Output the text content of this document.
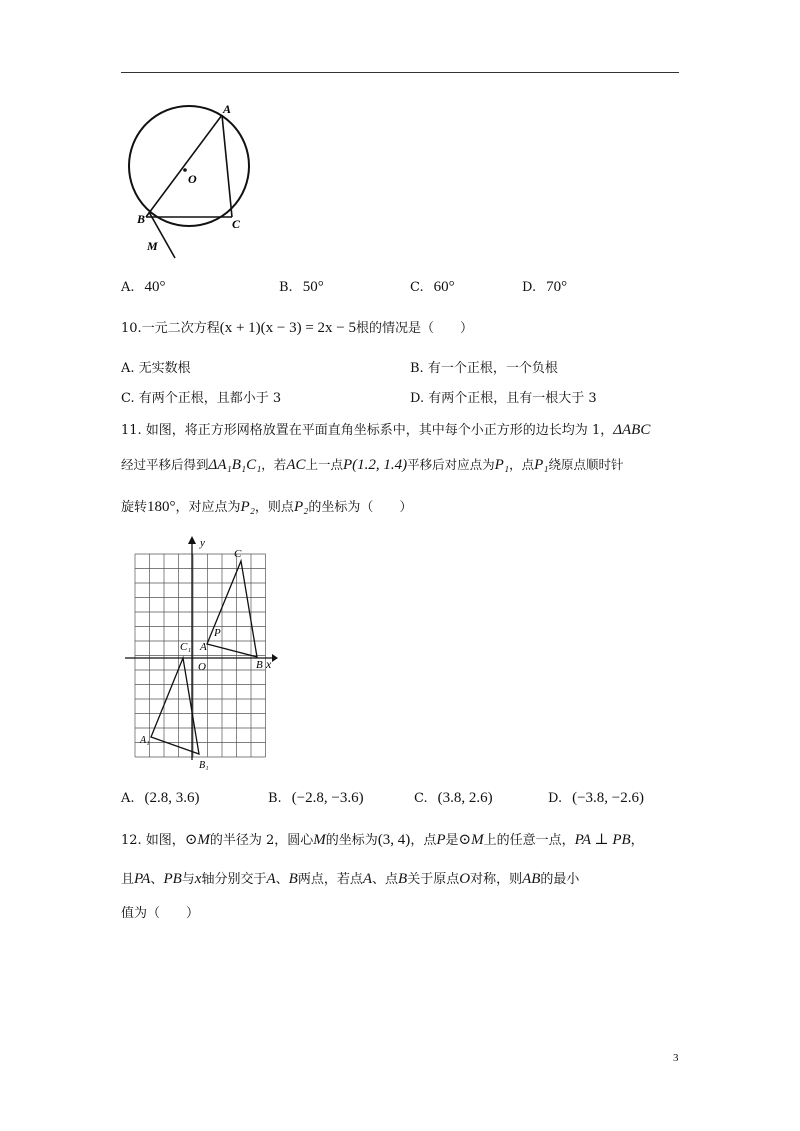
A
B	C
O
M
A. 40°	B. 50°	C. 60°	D. 70°
10.一元二次方程(x + 1)(x − 3) = 2x − 5根的情况是（　　）
A. 无实数根	B. 有一个正根，一个负根
C. 有两个正根，且都小于 3	D. 有两个正根，且有一根大于 3
11. 如图，将正方形网格放置在平面直角坐标系中，其中每个小正方形的边长均为 1，ΔABC
经过平移后得到ΔA₁B₁C₁，若AC上一点P(1.2, 1.4)平移后对应点为P₁，点P₁绕原点顺时针
旋转180°，对应点为P₂，则点P₂的坐标为（　　）
y
x
O
A
B
C
P
A₁
B₁
C₁
A. (2.8, 3.6)	B. (−2.8, −3.6)	C. (3.8, 2.6)	D. (−3.8, −2.6)
12. 如图，⊙M的半径为 2，圆心M的坐标为(3, 4)，点P是⊙M上的任意一点，PA ⊥ PB，
且PA、PB与x轴分别交于A、B两点，若点A、点B关于原点O对称，则AB的最小
值为（　　）
3
